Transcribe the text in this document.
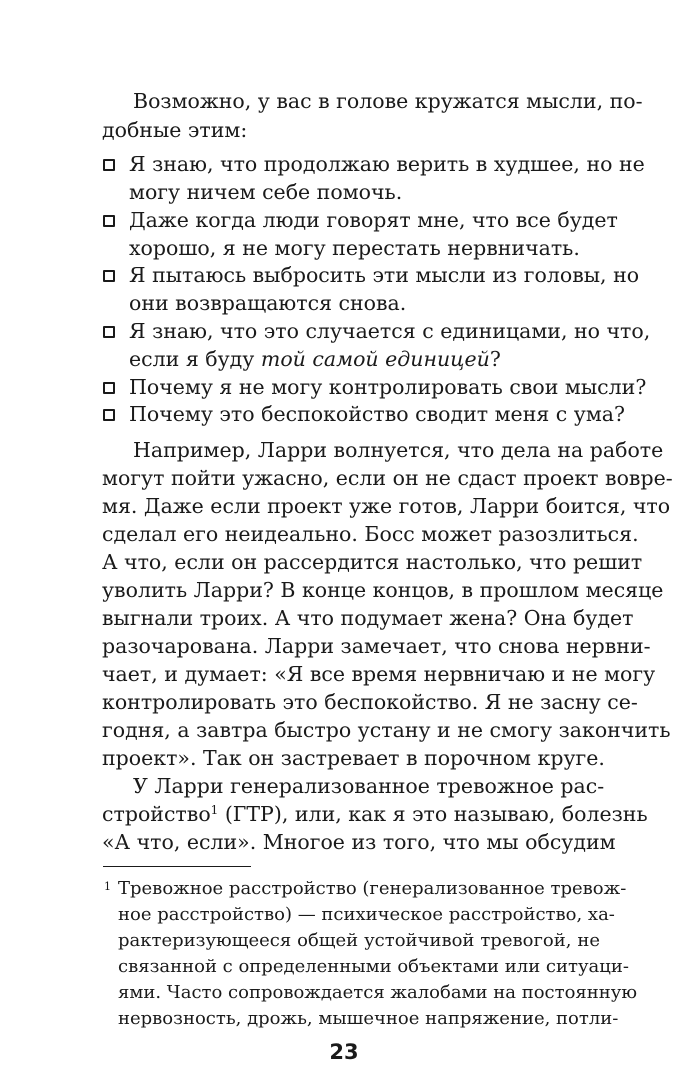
Возможно, у вас в голове кружатся мысли, по-
добные этим:
Я знаю, что продолжаю верить в худшее, но не
могу ничем себе помочь.
Даже когда люди говорят мне, что все будет
хорошо, я не могу перестать нервничать.
Я пытаюсь выбросить эти мысли из головы, но
они возвращаются снова.
Я знаю, что это случается с единицами, но что,
если я буду той самой единицей?
Почему я не могу контролировать свои мысли?
Почему это беспокойство сводит меня с ума?
Например, Ларри волнуется, что дела на работе
могут пойти ужасно, если он не сдаст проект вовре-
мя. Даже если проект уже готов, Ларри боится, что
сделал его неидеально. Босс может разозлиться.
А что, если он рассердится настолько, что решит
уволить Ларри? В конце концов, в прошлом месяце
выгнали троих. А что подумает жена? Она будет
разочарована. Ларри замечает, что снова нервни-
чает, и думает: «Я все время нервничаю и не могу
контролировать это беспокойство. Я не засну се-
годня, а завтра быстро устану и не смогу закончить
проект». Так он застревает в порочном круге.
У Ларри генерализованное тревожное рас-
стройство$^1$ (ГТР), или, как я это называю, болезнь
«А что, если». Многое из того, что мы обсудим
1 Тревожное расстройство (генерализованное тревож-
ное расстройство) — психическое расстройство, ха-
рактеризующееся общей устойчивой тревогой, не
связанной с определенными объектами или ситуаци-
ями. Часто сопровождается жалобами на постоянную
нервозность, дрожь, мышечное напряжение, потли-
23
